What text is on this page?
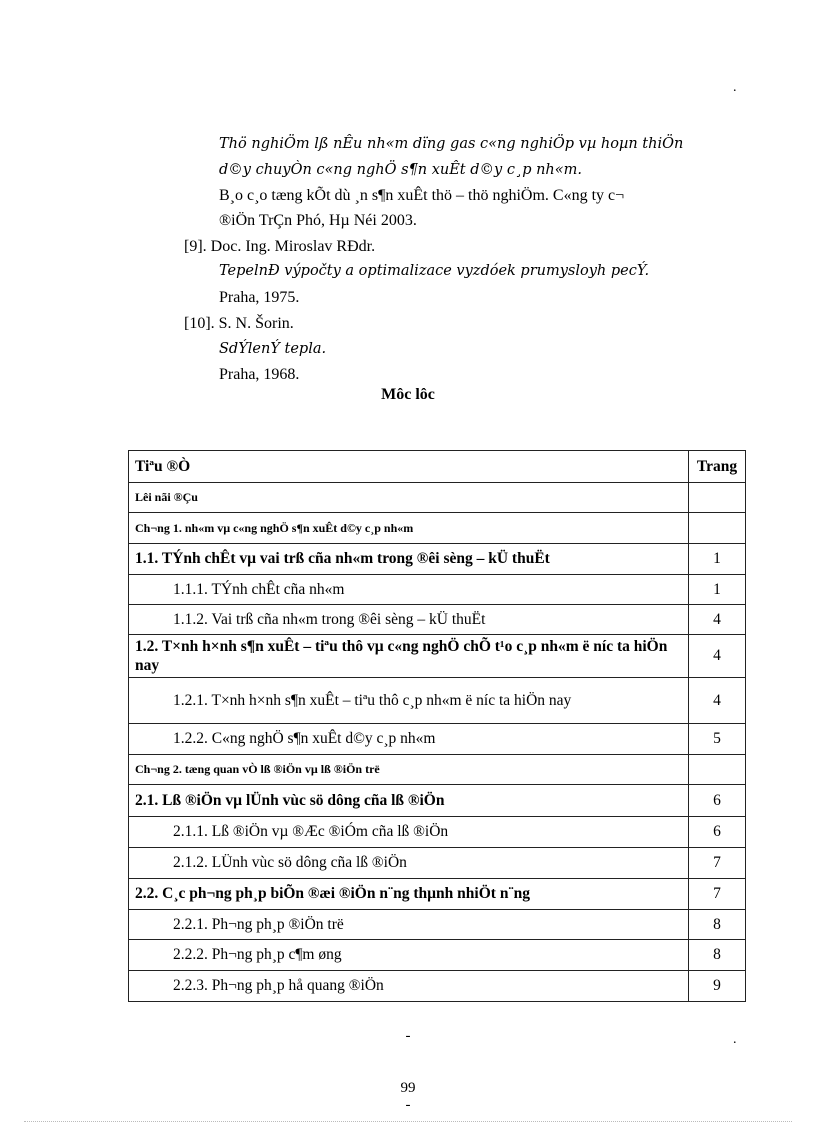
.
Thö nghiÖm lß nÊu nh«m dïng gas c«ng nghiÖp vµ hoµn thiÖn
d©y chuyÒn c«ng nghÖ s¶n xuÊt d©y c¸p nh«m.
B¸o c¸o tæng kÕt dù ¸n s¶n xuÊt thö – thö nghiÖm. C«ng ty c¬
®iÖn TrÇn Phó, Hµ Néi 2003.
[9]. Doc. Ing. Miroslav RĐdr.
TepelnÐ výpočty a optimalizace vyzdóek prumysloyh pecÝ.
Praha, 1975.
[10]. S. N. Šorin.
SdÝlenÝ tepla.
Praha, 1968.
Môc lôc
Tiªu ®Ò	Trang
Lêi nãi ®Çu	
Ch¬ng 1. nh«m vµ c«ng nghÖ s¶n xuÊt d©y c¸p nh«m	
1.1. TÝnh chÊt vµ vai trß cña nh«m trong ®êi sèng – kÜ thuËt	1
1.1.1. TÝnh chÊt cña nh«m	1
1.1.2. Vai trß cña nh«m trong ®êi sèng – kÜ thuËt	4
1.2. T×nh h×nh s¶n xuÊt – tiªu thô vµ c«ng nghÖ chÕ t¹o c¸p nh«m ë níc ta hiÖn nay	4
1.2.1. T×nh h×nh s¶n xuÊt – tiªu thô c¸p nh«m ë níc ta hiÖn nay	4
1.2.2. C«ng nghÖ s¶n xuÊt d©y c¸p nh«m	5
Ch¬ng 2. tæng quan vÒ lß ®iÖn vµ lß ®iÖn trë	
2.1. Lß ®iÖn vµ lÜnh vùc sö dông cña lß ®iÖn	6
2.1.1. Lß ®iÖn vµ ®Æc ®iÓm cña lß ®iÖn	6
2.1.2. LÜnh vùc sö dông cña lß ®iÖn	7
2.2. C¸c ph¬ng ph¸p biÕn ®æi ®iÖn n¨ng thµnh nhiÖt n¨ng	7
2.2.1. Ph¬ng ph¸p ®iÖn trë	8
2.2.2. Ph¬ng ph¸p c¶m øng	8
2.2.3. Ph¬ng ph¸p hå quang ®iÖn	9
.
-
99
-
